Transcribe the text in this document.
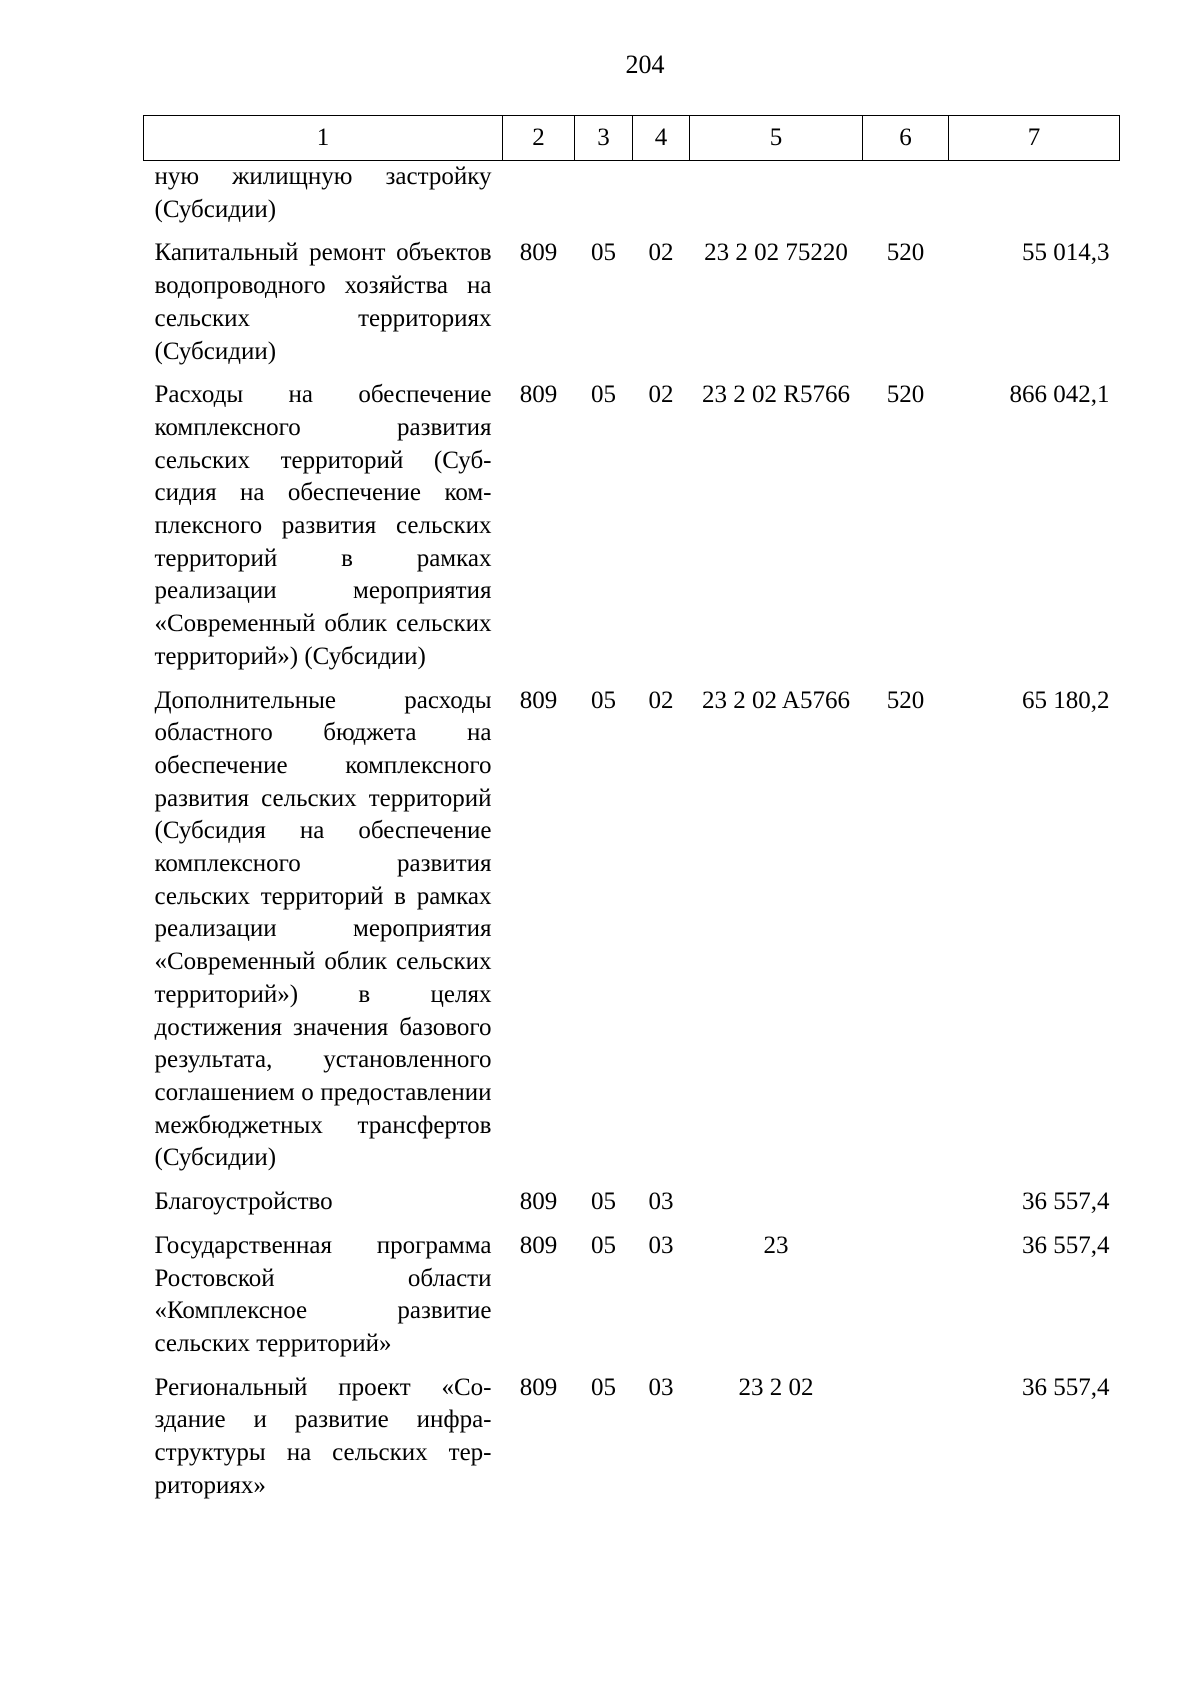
204
1	2	3	4	5	6	7
ную жилищную застройку (Субсидии)						
Капитальный ремонт объектов водопроводного хозяйства на сельских территориях (Субсидии)	809	05	02	23 2 02 75220	520	55 014,3
Расходы на обеспечение комплексного развития сельских территорий (Субсидия на обеспечение комплексного развития сельских территорий в рамках реализации мероприятия «Современный облик сельских территорий») (Субсидии)	809	05	02	23 2 02 R5766	520	866 042,1
Дополнительные расходы областного бюджета на обеспечение комплексного развития сельских территорий (Субсидия на обеспечение комплексного развития сельских территорий в рамках реализации мероприятия «Современный облик сельских территорий») в целях достижения значения базового результата, установленного соглашением о предоставлении межбюджетных трансфертов (Субсидии)	809	05	02	23 2 02 A5766	520	65 180,2
Благоустройство	809	05	03			36 557,4
Государственная программа Ростовской области «Комплексное развитие сельских территорий»	809	05	03	23		36 557,4
Региональный проект «Создание и развитие инфраструктуры на сельских территориях»	809	05	03	23 2 02		36 557,4
